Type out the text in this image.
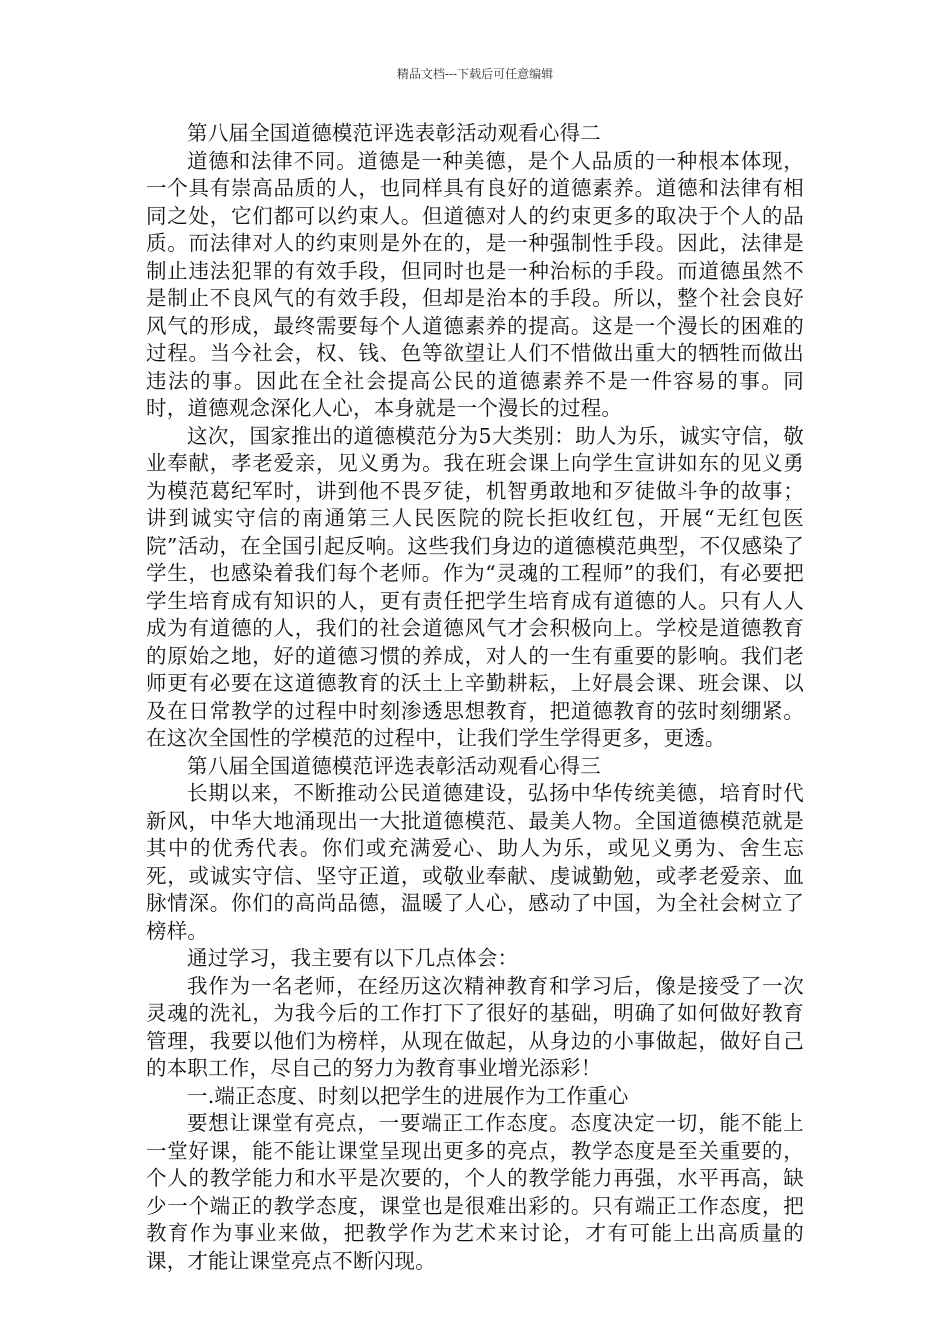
精品文档---下载后可任意编辑

第八届全国道德模范评选表彰活动观看心得二

道德和法律不同。道德是一种美德，是个人品质的一种根本体现，一个具有崇高品质的人，也同样具有良好的道德素养。道德和法律有相同之处，它们都可以约束人。但道德对人的约束更多的取决于个人的品质。而法律对人的约束则是外在的，是一种强制性手段。因此，法律是制止违法犯罪的有效手段，但同时也是一种治标的手段。而道德虽然不是制止不良风气的有效手段，但却是治本的手段。所以，整个社会良好风气的形成，最终需要每个人道德素养的提高。这是一个漫长的困难的过程。当今社会，权、钱、色等欲望让人们不惜做出重大的牺牲而做出违法的事。因此在全社会提高公民的道德素养不是一件容易的事。同时，道德观念深化人心，本身就是一个漫长的过程。

这次，国家推出的道德模范分为5大类别：助人为乐，诚实守信，敬业奉献，孝老爱亲，见义勇为。我在班会课上向学生宣讲如东的见义勇为模范葛纪军时，讲到他不畏歹徒，机智勇敢地和歹徒做斗争的故事；讲到诚实守信的南通第三人民医院的院长拒收红包，开展“无红包医院”活动，在全国引起反响。这些我们身边的道德模范典型，不仅感染了学生，也感染着我们每个老师。作为“灵魂的工程师”的我们，有必要把学生培育成有知识的人，更有责任把学生培育成有道德的人。只有人人成为有道德的人，我们的社会道德风气才会积极向上。学校是道德教育的原始之地，好的道德习惯的养成，对人的一生有重要的影响。我们老师更有必要在这道德教育的沃土上辛勤耕耘，上好晨会课、班会课、以及在日常教学的过程中时刻渗透思想教育，把道德教育的弦时刻绷紧。在这次全国性的学模范的过程中，让我们学生学得更多，更透。

第八届全国道德模范评选表彰活动观看心得三

长期以来，不断推动公民道德建设，弘扬中华传统美德，培育时代新风，中华大地涌现出一大批道德模范、最美人物。全国道德模范就是其中的优秀代表。你们或充满爱心、助人为乐，或见义勇为、舍生忘死，或诚实守信、坚守正道，或敬业奉献、虔诚勤勉，或孝老爱亲、血脉情深。你们的高尚品德，温暖了人心，感动了中国，为全社会树立了榜样。

通过学习，我主要有以下几点体会：

我作为一名老师，在经历这次精神教育和学习后，像是接受了一次灵魂的洗礼，为我今后的工作打下了很好的基础，明确了如何做好教育管理，我要以他们为榜样，从现在做起，从身边的小事做起，做好自己的本职工作，尽自己的努力为教育事业增光添彩！

一.端正态度、时刻以把学生的进展作为工作重心

要想让课堂有亮点，一要端正工作态度。态度决定一切，能不能上一堂好课，能不能让课堂呈现出更多的亮点，教学态度是至关重要的，个人的教学能力和水平是次要的，个人的教学能力再强，水平再高，缺少一个端正的教学态度，课堂也是很难出彩的。只有端正工作态度，把教育作为事业来做，把教学作为艺术来讨论，才有可能上出高质量的课，才能让课堂亮点不断闪现。
